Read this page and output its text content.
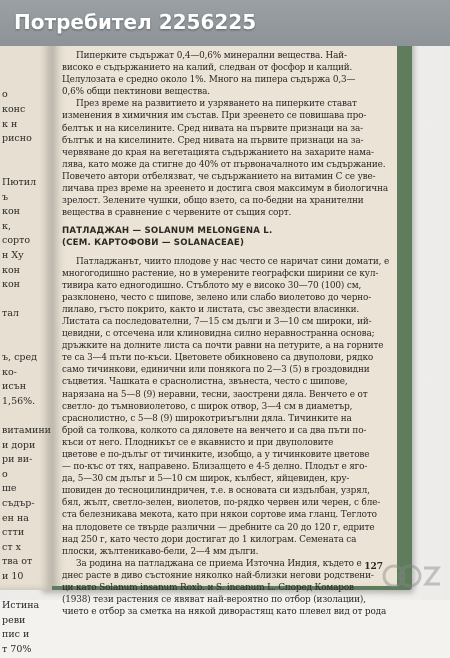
о
конс
к н
рисно

Пютил
ъ
кон
к,
сорто
н Ху
кон
кон

тал

ъ, сред
ко-
исън
1,56%.

витамини
и дори
ри ви-
о
ше
съдър-
ен на
стти
ст х
тва от
и 10

Истина
реви
пис и
т 70%
Пиперките съдържат 0,4—0,6% минерални вещества. Най-
високо е съдържанието на калий, следван от фосфор и калций.
Целулозата е средно около 1%. Много на пипера съдържа 0,3—
0,6% общи пектинови вещества.
През време на развитието и узряването на пиперките стават
изменения в химичния им състав. При зреенето се повишава про-
белтък и на киселините. Сред нивата на първите признаци на за-
бълтък и на киселините. Сред нивата на първите признаци на за-
червяване до края на вегетацията съдържанието на захарите нама-
лява, като може да стигне до 40% от първоначалното им съдържание.
Повечето автори отбелязват, че съдържанието на витамин С се уве-
личава през време на зреенето и достига своя максимум в биологична
зрелост. Зелените чушки, общо взето, са по-бедни на хранителни
вещества в сравнение с червените от същия сорт.
ПАТЛАДЖАН — SOLANUM MELONGENA L.
(СЕМ. КАРТОФОВИ — SOLANACEAE)
Патладжанът, чиито плодове у нас често се наричат сини домати, е
многогодишно растение, но в умерените географски ширини се кул-
тивира като едногодишно. Стъблото му е високо 30—70 (100) см,
разклонено, често с шипове, зелено или слабо виолетово до черно-
лилаво, гъсто покрито, както и листата, със звездести власинки.
Листата са последователни, 7—15 см дълги и 3—10 см широки, ий-
цевидни, с отсечена или клиновидна силно неравностранна основа;
дръжките на долните листа са почти равни на петурите, а на горните
те са 3—4 пъти по-къси. Цветовете обикновено са двуполови, рядко
само тичинкови, единични или понякога по 2—3 (5) в гроздовидни
съцветия. Чашката е сраснолистна, звънеста, често с шипове,
нарязана на 5—8 (9) неравни, тесни, заострени дяла. Венчето е от
светло- до тъмновиолетово, с широк отвор, 3—4 см в диаметър,
сраснолистно, с 5—8 (9) широкотриъгълни дяла. Тичинките на
брой са толкова, колкото са дяловете на венчето и са два пъти по-
къси от него. Плодникът се е вкавнисто и при двуполовите
цветове е по-дълъг от тичинките, изобщо, а у тичинковите цветове
— по-къс от тях, направено. Близалцето е 4-5 делно. Плодът е яго-
да, 5—30 см дълъг и 5—10 см широк, кълбест, яйцевиден, кру-
шовиден до тесноцилиндричен, т.е. в основата си издълбан, узрял,
бял, жълт, светло-зелен, виолетов, по-рядко червен или черен, с бле-
ста белезникава мекота, като при някои сортове има гланц. Теглото
на плодовете се твърде различни — дребните са 20 до 120 г, едрите
над 250 г, като често дори достигат до 1 килограм. Семената са
плоски, жълтеникаво-бели, 2—4 мм дълги.
За родина на патладжана се приема Източна Индия, където е
днес расте в диво състояние няколко най-близки негови родствени-
ци като Solanum insanum Roxb. и S. incanum L. Според Комаров
(1938) тези растения се явяват най-вероятно по отбор (изолации),
чието е отбор за сметка на някой диворастящ като плевел вид от рода
127
Потребител 2256225
